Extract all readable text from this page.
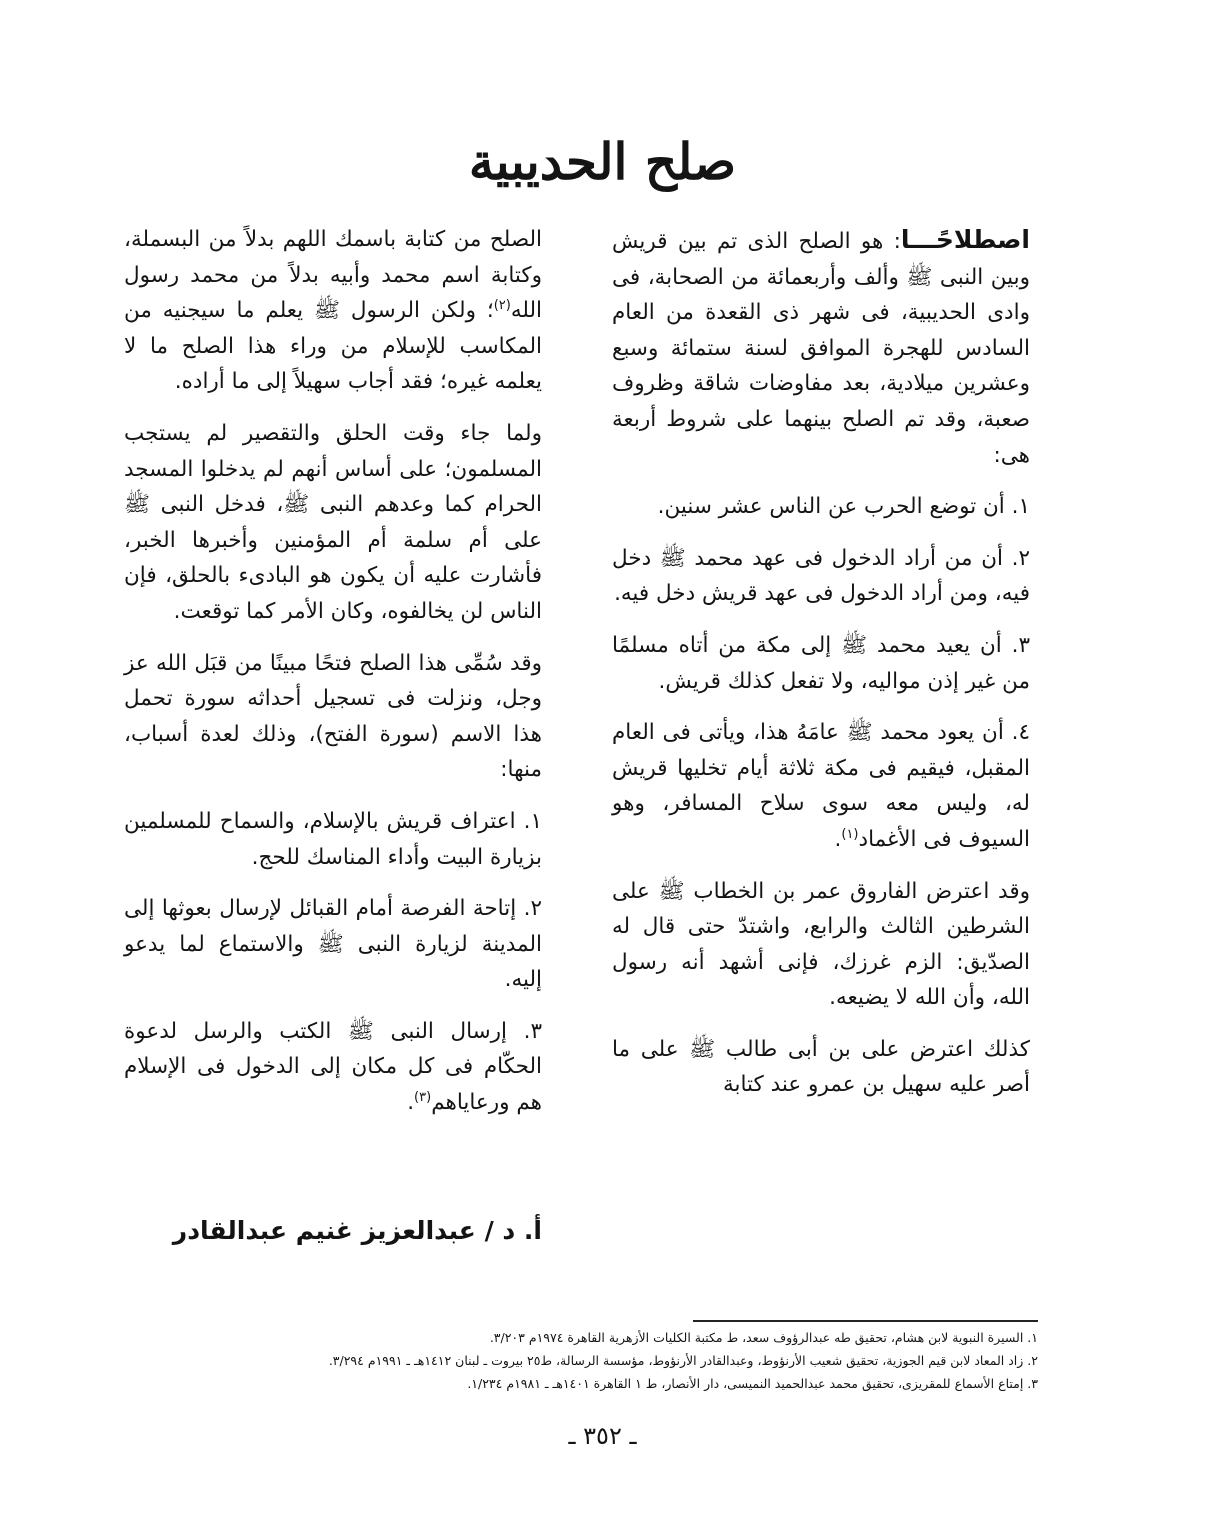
صلح الحديبية

اصطلاحًـــا: هو الصلح الذى تم بين قريش وبين النبى ﷺ وألف وأربعمائة من الصحابة، فى وادى الحديبية، فى شهر ذى القعدة من العام السادس للهجرة الموافق لسنة ستمائة وسبع وعشرين ميلادية، بعد مفاوضات شاقة وظروف صعبة، وقد تم الصلح بينهما على شروط أربعة هى:

١. أن توضع الحرب عن الناس عشر سنين.

٢. أن من أراد الدخول فى عهد محمد ﷺ دخل فيه، ومن أراد الدخول فى عهد قريش دخل فيه.

٣. أن يعيد محمد ﷺ إلى مكة من أتاه مسلمًا من غير إذن مواليه، ولا تفعل كذلك قريش.

٤. أن يعود محمد ﷺ عامَهُ هذا، ويأتى فى العام المقبل، فيقيم فى مكة ثلاثة أيام تخليها قريش له، وليس معه سوى سلاح المسافر، وهو السيوف فى الأغماد$^{(١)}$.

وقد اعترض الفاروق عمر بن الخطاب ﷺ على الشرطين الثالث والرابع، واشتدّ حتى قال له الصدّيق: الزم غرزك، فإنى أشهد أنه رسول الله، وأن الله لا يضيعه.

كذلك اعترض على بن أبى طالب ﷺ على ما أصر عليه سهيل بن عمرو عند كتابة

الصلح من كتابة باسمك اللهم بدلاً من البسملة، وكتابة اسم محمد وأبيه بدلاً من محمد رسول الله$^{(٢)}$؛ ولكن الرسول ﷺ يعلم ما سيجنيه من المكاسب للإسلام من وراء هذا الصلح ما لا يعلمه غيره؛ فقد أجاب سهيلاً إلى ما أراده.

ولما جاء وقت الحلق والتقصير لم يستجب المسلمون؛ على أساس أنهم لم يدخلوا المسجد الحرام كما وعدهم النبى ﷺ، فدخل النبى ﷺ على أم سلمة أم المؤمنين وأخبرها الخبر، فأشارت عليه أن يكون هو البادىء بالحلق، فإن الناس لن يخالفوه، وكان الأمر كما توقعت.

وقد سُمِّى هذا الصلح فتحًا مبينًا من قبَل الله عز وجل، ونزلت فى تسجيل أحداثه سورة تحمل هذا الاسم (سورة الفتح)، وذلك لعدة أسباب، منها:

١. اعتراف قريش بالإسلام، والسماح للمسلمين بزيارة البيت وأداء المناسك للحج.

٢. إتاحة الفرصة أمام القبائل لإرسال بعوثها إلى المدينة لزيارة النبى ﷺ والاستماع لما يدعو إليه.

٣. إرسال النبى ﷺ الكتب والرسل لدعوة الحكّام فى كل مكان إلى الدخول فى الإسلام هم ورعاياهم$^{(٣)}$.

أ. د / عبدالعزيز غنيم عبدالقادر

١. السيرة النبوية لابن هشام، تحقيق طه عبدالرؤوف سعد، ط مكتبة الكليات الأزهرية القاهرة ١٩٧٤م ٣/٢٠٣.
٢. زاد المعاد لابن قيم الجوزية، تحقيق شعيب الأرنؤوط، وعبدالقادر الأرنؤوط، مؤسسة الرسالة، ط٢٥ بيروت ـ لبنان ١٤١٢هـ ـ ١٩٩١م ٣/٢٩٤.
٣. إمتاع الأسماع للمقريزى، تحقيق محمد عبدالحميد النميسى، دار الأنصار، ط ١ القاهرة ١٤٠١هـ ـ ١٩٨١م ١/٢٣٤.

ـ ٣٥٢ ـ
